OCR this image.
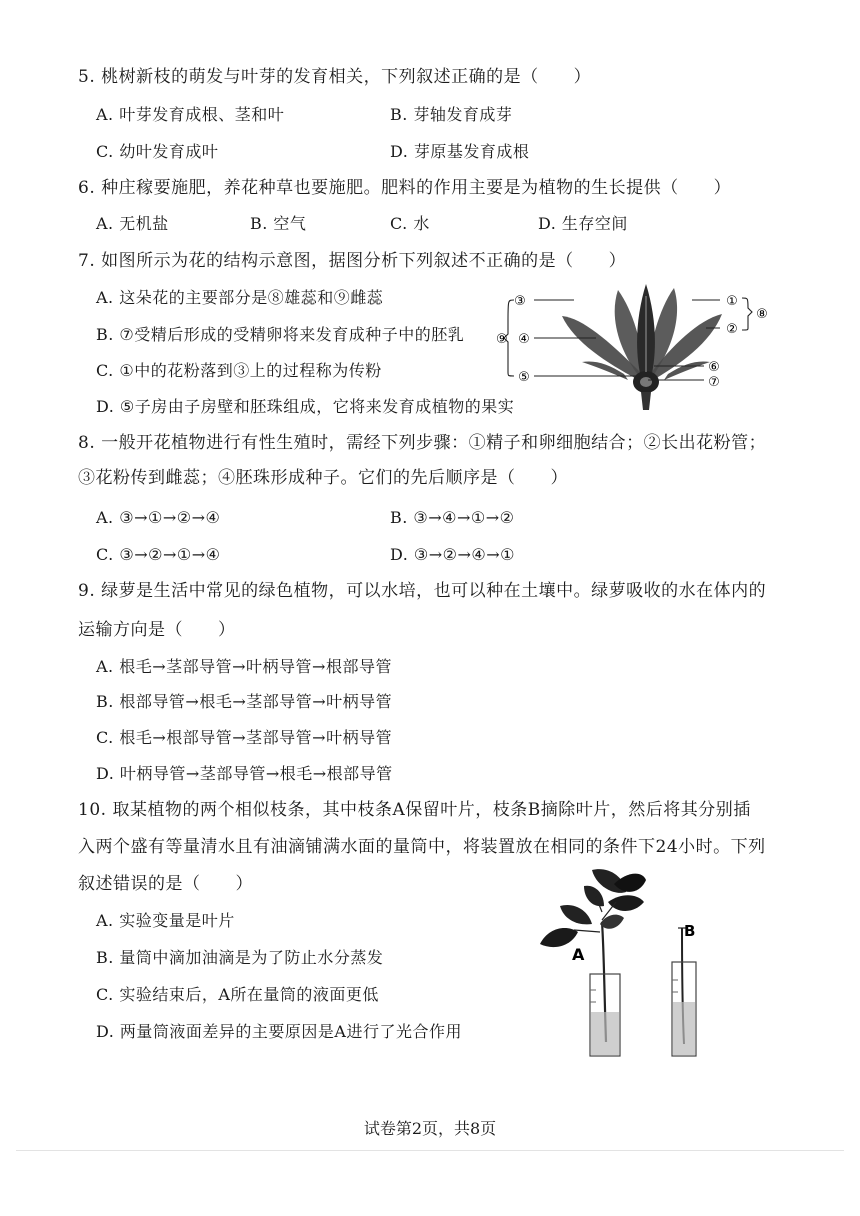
5. 桃树新枝的萌发与叶芽的发育相关，下列叙述正确的是（　　）
A. 叶芽发育成根、茎和叶	B. 芽轴发育成芽
C. 幼叶发育成叶	D. 芽原基发育成根
6. 种庄稼要施肥，养花种草也要施肥。肥料的作用主要是为植物的生长提供（　　）
A. 无机盐	B. 空气	C. 水	D. 生存空间
7. 如图所示为花的结构示意图，据图分析下列叙述不正确的是（　　）
A. 这朵花的主要部分是⑧雄蕊和⑨雌蕊
B. ⑦受精后形成的受精卵将来发育成种子中的胚乳
C. ①中的花粉落到③上的过程称为传粉
D. ⑤子房由子房壁和胚珠组成，它将来发育成植物的果实
③
④
⑤
⑨
①
②
⑧
⑥
⑦
8. 一般开花植物进行有性生殖时，需经下列步骤：①精子和卵细胞结合；②长出花粉管；
③花粉传到雌蕊；④胚珠形成种子。它们的先后顺序是（　　）
A. ③→①→②→④	B. ③→④→①→②
C. ③→②→①→④	D. ③→②→④→①
9. 绿萝是生活中常见的绿色植物，可以水培，也可以种在土壤中。绿萝吸收的水在体内的
运输方向是（　　）
A. 根毛→茎部导管→叶柄导管→根部导管
B. 根部导管→根毛→茎部导管→叶柄导管
C. 根毛→根部导管→茎部导管→叶柄导管
D. 叶柄导管→茎部导管→根毛→根部导管
10. 取某植物的两个相似枝条，其中枝条A保留叶片，枝条B摘除叶片，然后将其分别插
入两个盛有等量清水且有油滴铺满水面的量筒中，将装置放在相同的条件下24小时。下列
叙述错误的是（　　）
A. 实验变量是叶片
B. 量筒中滴加油滴是为了防止水分蒸发
C. 实验结束后，A所在量筒的液面更低
D. 两量筒液面差异的主要原因是A进行了光合作用
A
B
试卷第2页，共8页
